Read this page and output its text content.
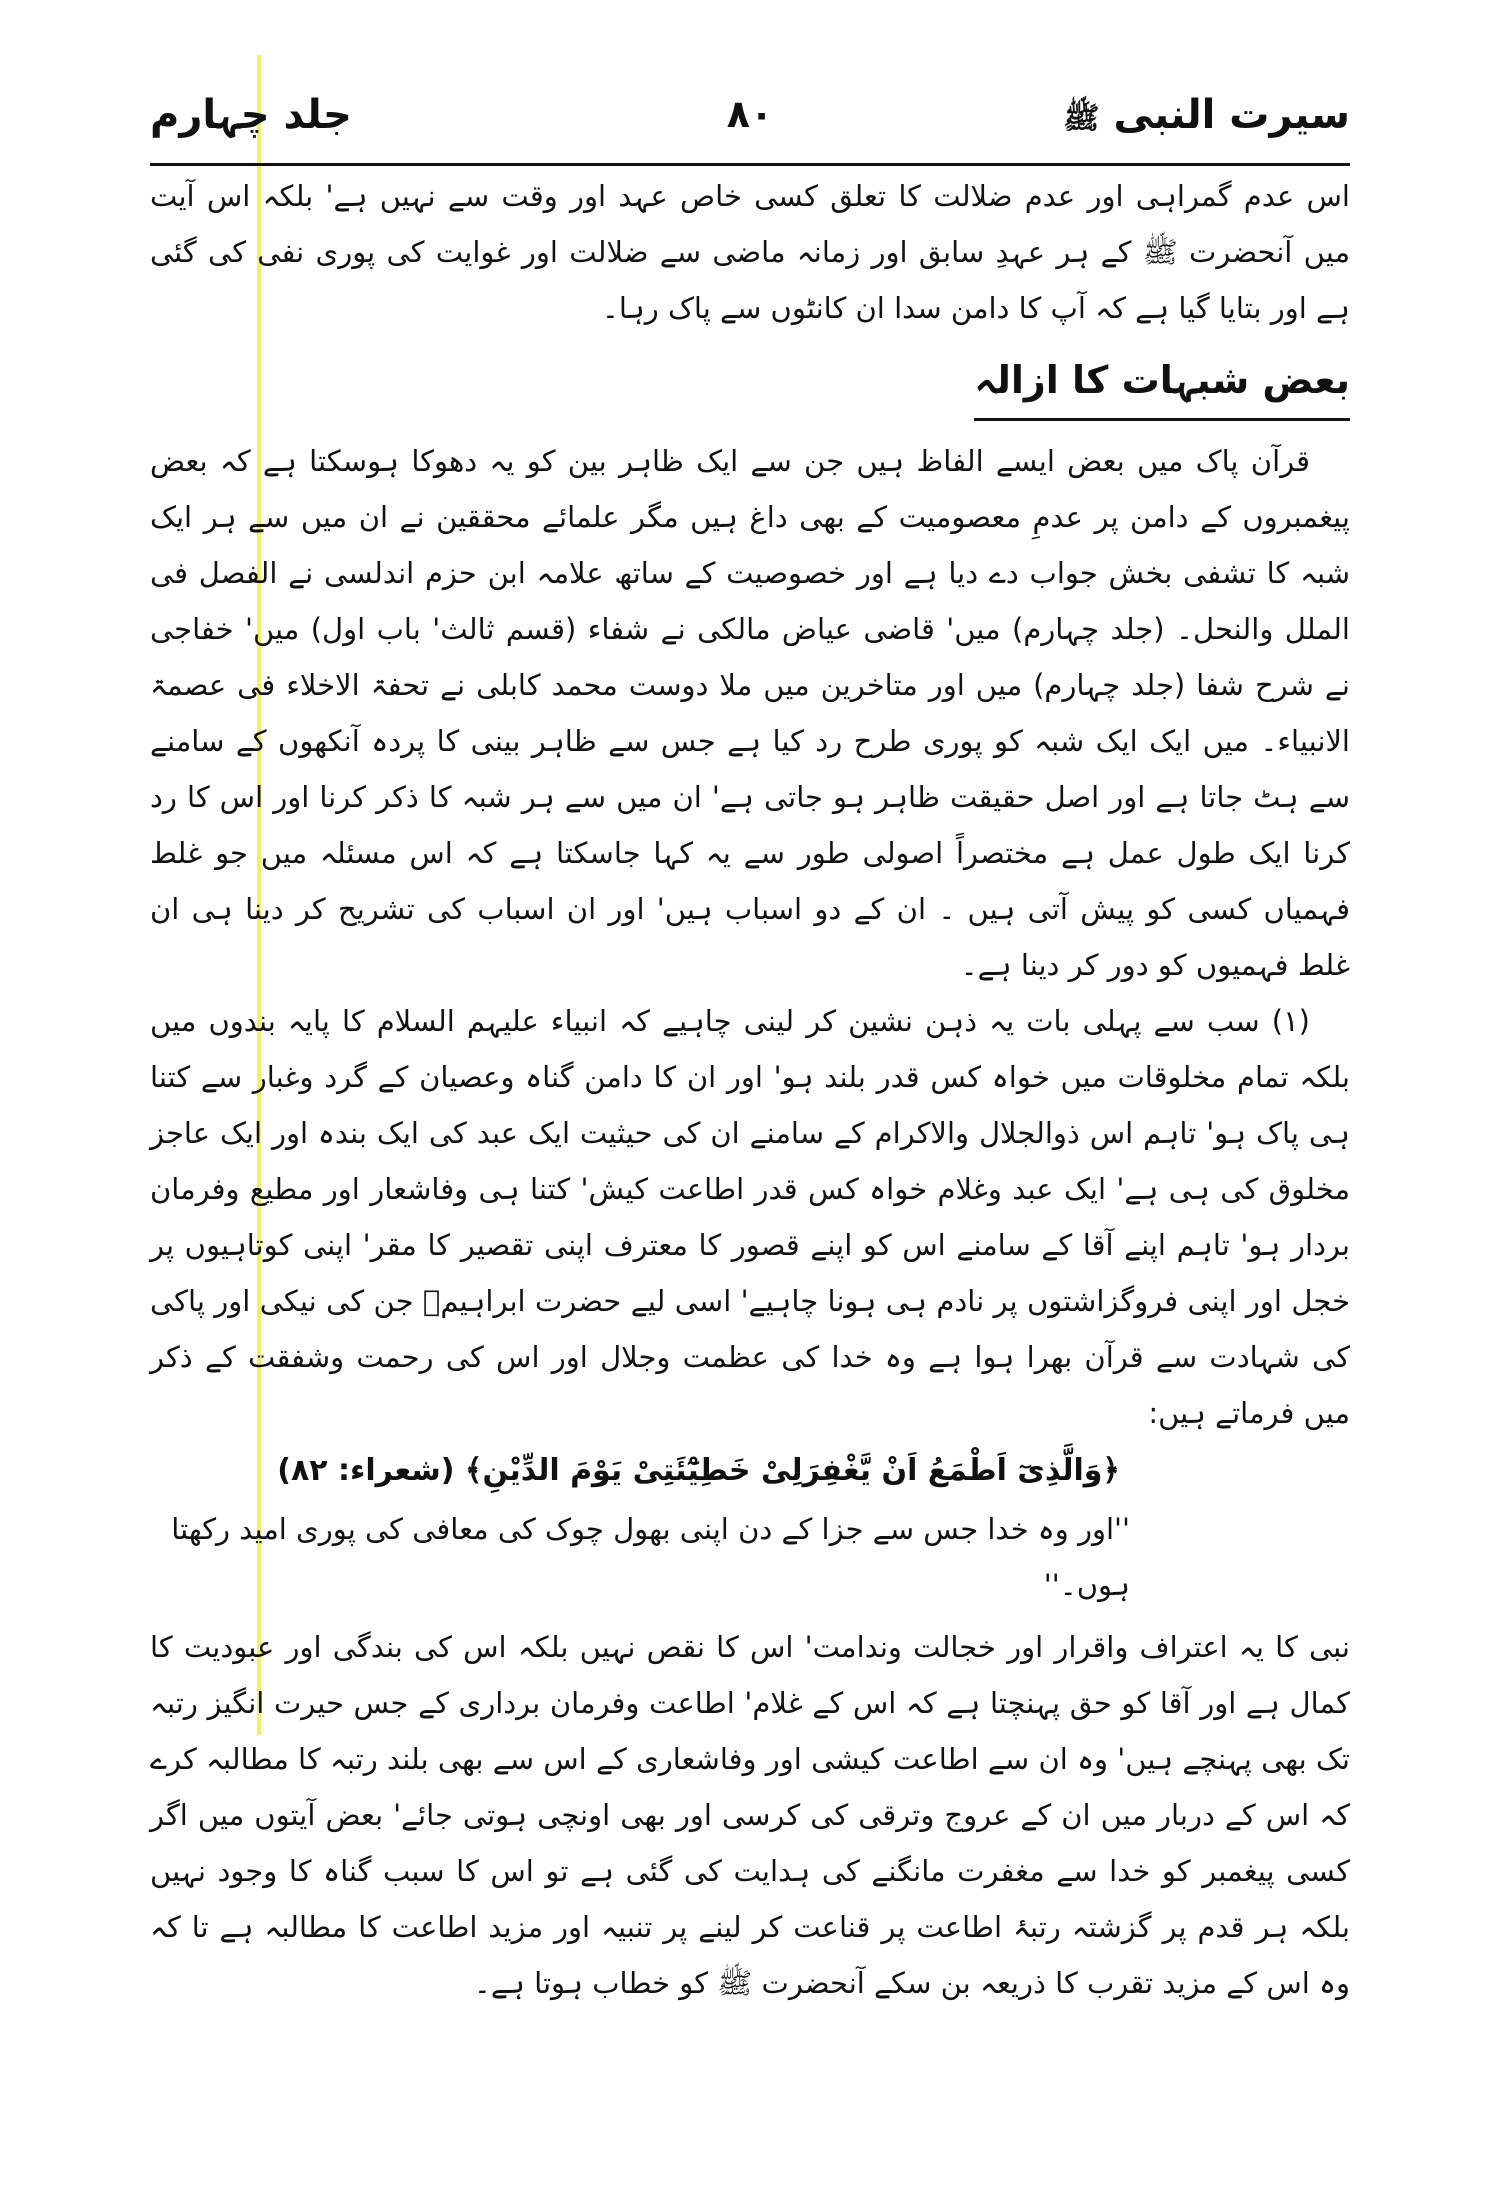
سیرت النبی ﷺ
۸۰
جلد چہارم

اس عدم گمراہی اور عدم ضلالت کا تعلق کسی خاص عہد اور وقت سے نہیں ہے' بلکہ اس آیت میں آنحضرت ﷺ کے ہر عہدِ سابق اور زمانہ ماضی سے ضلالت اور غوایت کی پوری نفی کی گئی ہے اور بتایا گیا ہے کہ آپ کا دامن سدا ان کانٹوں سے پاک رہا۔

بعض شبہات کا ازالہ

قرآن پاک میں بعض ایسے الفاظ ہیں جن سے ایک ظاہر بین کو یہ دھوکا ہوسکتا ہے کہ بعض پیغمبروں کے دامن پر عدمِ معصومیت کے بھی داغ ہیں مگر علمائے محققین نے ان میں سے ہر ایک شبہ کا تشفی بخش جواب دے دیا ہے اور خصوصیت کے ساتھ علامہ ابن حزم اندلسی نے الفصل فی الملل والنحل۔ (جلد چہارم) میں' قاضی عیاض مالکی نے شفاء (قسم ثالث' باب اول) میں' خفاجی نے شرح شفا (جلد چہارم) میں اور متاخرین میں ملا دوست محمد کابلی نے تحفۃ الاخلاء فی عصمۃ الانبیاء۔ میں ایک ایک شبہ کو پوری طرح رد کیا ہے جس سے ظاہر بینی کا پردہ آنکھوں کے سامنے سے ہٹ جاتا ہے اور اصل حقیقت ظاہر ہو جاتی ہے' ان میں سے ہر شبہ کا ذکر کرنا اور اس کا رد کرنا ایک طول عمل ہے مختصراً اصولی طور سے یہ کہا جاسکتا ہے کہ اس مسئلہ میں جو غلط فہمیاں کسی کو پیش آتی ہیں ۔ ان کے دو اسباب ہیں' اور ان اسباب کی تشریح کر دینا ہی ان غلط فہمیوں کو دور کر دینا ہے۔

(۱) سب سے پہلی بات یہ ذہن نشین کر لینی چاہیے کہ انبیاء علیہم السلام کا پایہ بندوں میں بلکہ تمام مخلوقات میں خواہ کس قدر بلند ہو' اور ان کا دامن گناہ وعصیان کے گرد وغبار سے کتنا ہی پاک ہو' تاہم اس ذوالجلال والاکرام کے سامنے ان کی حیثیت ایک عبد کی ایک بندہ اور ایک عاجز مخلوق کی ہی ہے' ایک عبد وغلام خواہ کس قدر اطاعت کیش' کتنا ہی وفاشعار اور مطیع وفرمان بردار ہو' تاہم اپنے آقا کے سامنے اس کو اپنے قصور کا معترف اپنی تقصیر کا مقر' اپنی کوتاہیوں پر خجل اور اپنی فروگزاشتوں پر نادم ہی ہونا چاہیے' اسی لیے حضرت ابراہیمؑ جن کی نیکی اور پاکی کی شہادت سے قرآن بھرا ہوا ہے وہ خدا کی عظمت وجلال اور اس کی رحمت وشفقت کے ذکر میں فرماتے ہیں:

﴿وَالَّذِیٓ اَطْمَعُ اَنْ یَّغْفِرَلِیْ خَطِیْٓئَتِیْ یَوْمَ الدِّیْنِ﴾ (شعراء: ۸۲)
''اور وہ خدا جس سے جزا کے دن اپنی بھول چوک کی معافی کی پوری امید رکھتا ہوں۔''

نبی کا یہ اعتراف واقرار اور خجالت وندامت' اس کا نقص نہیں بلکہ اس کی بندگی اور عبودیت کا کمال ہے اور آقا کو حق پہنچتا ہے کہ اس کے غلام' اطاعت وفرمان برداری کے جس حیرت انگیز رتبہ تک بھی پہنچے ہیں' وہ ان سے اطاعت کیشی اور وفاشعاری کے اس سے بھی بلند رتبہ کا مطالبہ کرے کہ اس کے دربار میں ان کے عروج وترقی کی کرسی اور بھی اونچی ہوتی جائے' بعض آیتوں میں اگر کسی پیغمبر کو خدا سے مغفرت مانگنے کی ہدایت کی گئی ہے تو اس کا سبب گناہ کا وجود نہیں بلکہ ہر قدم پر گزشتہ رتبۂ اطاعت پر قناعت کر لینے پر تنبیہ اور مزید اطاعت کا مطالبہ ہے تا کہ وہ اس کے مزید تقرب کا ذریعہ بن سکے آنحضرت ﷺ کو خطاب ہوتا ہے۔
